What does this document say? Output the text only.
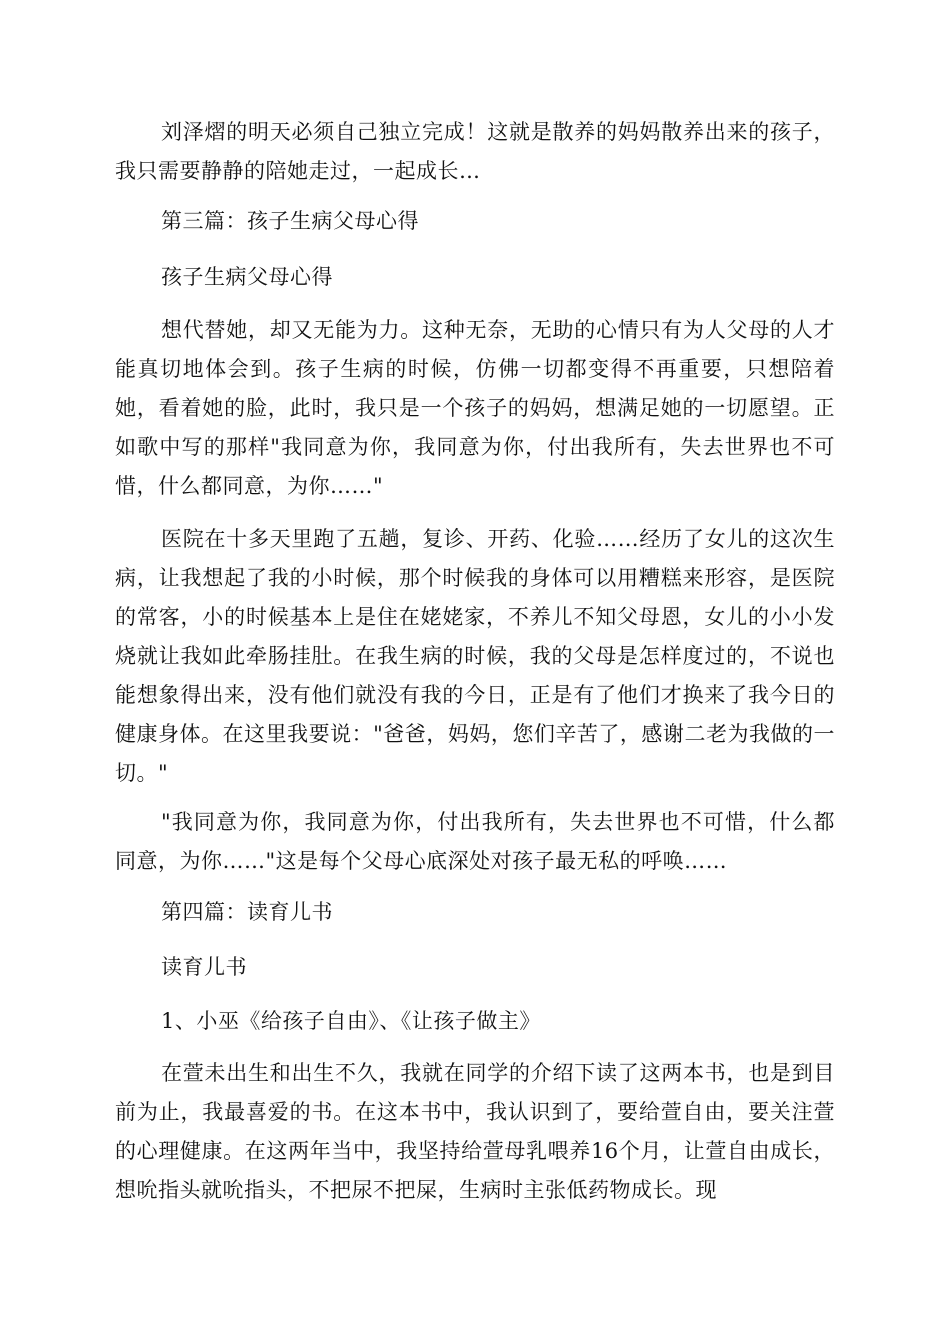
刘泽熠的明天必须自己独立完成！这就是散养的妈妈散养出来的孩子，我只需要静静的陪她走过，一起成长…

第三篇：孩子生病父母心得
孩子生病父母心得

想代替她，却又无能为力。这种无奈，无助的心情只有为人父母的人才能真切地体会到。孩子生病的时候，仿佛一切都变得不再重要，只想陪着她，看着她的脸，此时，我只是一个孩子的妈妈，想满足她的一切愿望。正如歌中写的那样"我同意为你，我同意为你，付出我所有，失去世界也不可惜，什么都同意，为你……"

医院在十多天里跑了五趟，复诊、开药、化验……经历了女儿的这次生病，让我想起了我的小时候，那个时候我的身体可以用糟糕来形容，是医院的常客，小的时候基本上是住在姥姥家，不养儿不知父母恩，女儿的小小发烧就让我如此牵肠挂肚。在我生病的时候，我的父母是怎样度过的，不说也能想象得出来，没有他们就没有我的今日，正是有了他们才换来了我今日的健康身体。在这里我要说："爸爸，妈妈，您们辛苦了，感谢二老为我做的一切。"

"我同意为你，我同意为你，付出我所有，失去世界也不可惜，什么都同意，为你……"这是每个父母心底深处对孩子最无私的呼唤……

第四篇：读育儿书
读育儿书
1、小巫《给孩子自由》、《让孩子做主》

在萱未出生和出生不久，我就在同学的介绍下读了这两本书，也是到目前为止，我最喜爱的书。在这本书中，我认识到了，要给萱自由，要关注萱的心理健康。在这两年当中，我坚持给萱母乳喂养16个月，让萱自由成长，想吮指头就吮指头，不把尿不把屎，生病时主张低药物成长。现
